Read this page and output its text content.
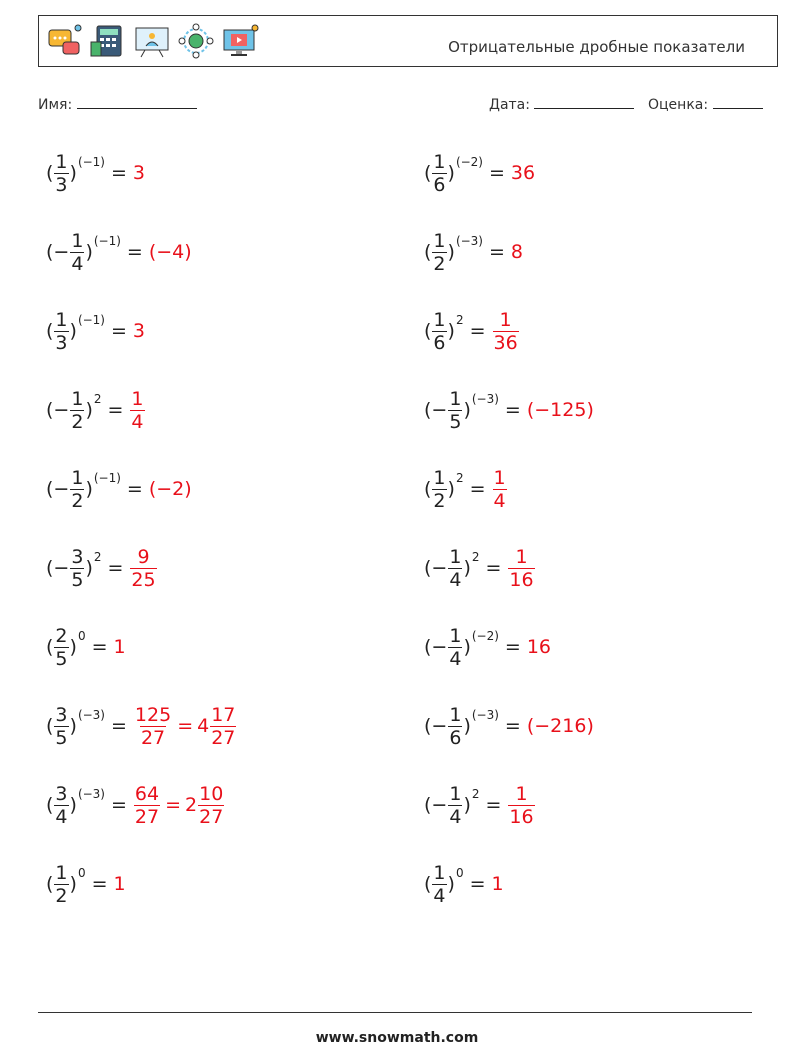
Отрицательные дробные показатели
Имя:	Дата:	Оценка:
( $\frac{1}{3} )^{(-1)} = 3$	( $\frac{1}{6} )^{(-2)} = 36$
( − $\frac{1}{4} )^{(-1)} = (-4)$	( $\frac{1}{2} )^{(-3)} = 8$
( $\frac{1}{3} )^{(-1)} = 3$	( $\frac{1}{6} )^2 = \frac{1}{36}$
( − $\frac{1}{2} )^2 = \frac{1}{4}$	( − $\frac{1}{5} )^{(-3)} = (-125)$
( − $\frac{1}{2} )^{(-1)} = (-2)$	( $\frac{1}{2} )^2 = \frac{1}{4}$
( − $\frac{3}{5} )^2 = \frac{9}{25}$	( − $\frac{1}{4} )^2 = \frac{1}{16}$
( $\frac{2}{5} )^0 = 1$	( − $\frac{1}{4} )^{(-2)} = 16$
( $\frac{3}{5} )^{(-3)} = \frac{125}{27} = 4 \frac{17}{27}$	( − $\frac{1}{6} )^{(-3)} = (-216)$
( $\frac{3}{4} )^{(-3)} = \frac{64}{27} = 2 \frac{10}{27}$	( − $\frac{1}{4} )^2 = \frac{1}{16}$
( $\frac{1}{2} )^0 = 1$	( $\frac{1}{4} )^0 = 1$
www.snowmath.com
